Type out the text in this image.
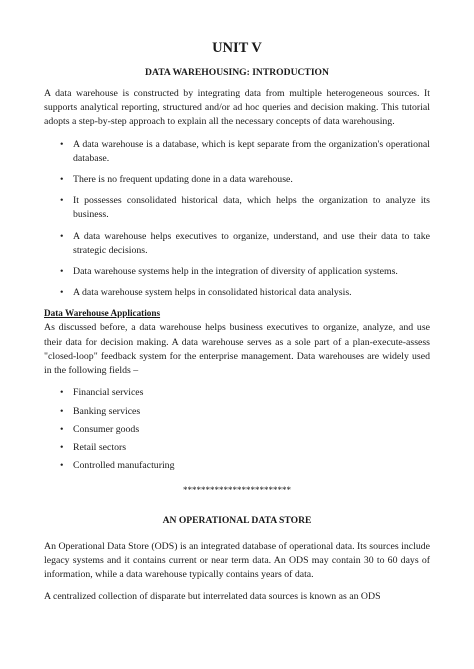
UNIT V
DATA WAREHOUSING: INTRODUCTION

A data warehouse is constructed by integrating data from multiple heterogeneous sources. It supports analytical reporting, structured and/or ad hoc queries and decision making. This tutorial adopts a step-by-step approach to explain all the necessary concepts of data warehousing.

• A data warehouse is a database, which is kept separate from the organization's operational database.
• There is no frequent updating done in a data warehouse.
• It possesses consolidated historical data, which helps the organization to analyze its business.
• A data warehouse helps executives to organize, understand, and use their data to take strategic decisions.
• Data warehouse systems help in the integration of diversity of application systems.
• A data warehouse system helps in consolidated historical data analysis.
Data Warehouse Applications

As discussed before, a data warehouse helps business executives to organize, analyze, and use their data for decision making. A data warehouse serves as a sole part of a plan-execute-assess "closed-loop" feedback system for the enterprise management. Data warehouses are widely used in the following fields –

• Financial services
• Banking services
• Consumer goods
• Retail sectors
• Controlled manufacturing

************************

AN OPERATIONAL DATA STORE

An Operational Data Store (ODS) is an integrated database of operational data. Its sources include legacy systems and it contains current or near term data. An ODS may contain 30 to 60 days of information, while a data warehouse typically contains years of data.

A centralized collection of disparate but interrelated data sources is known as an ODS
